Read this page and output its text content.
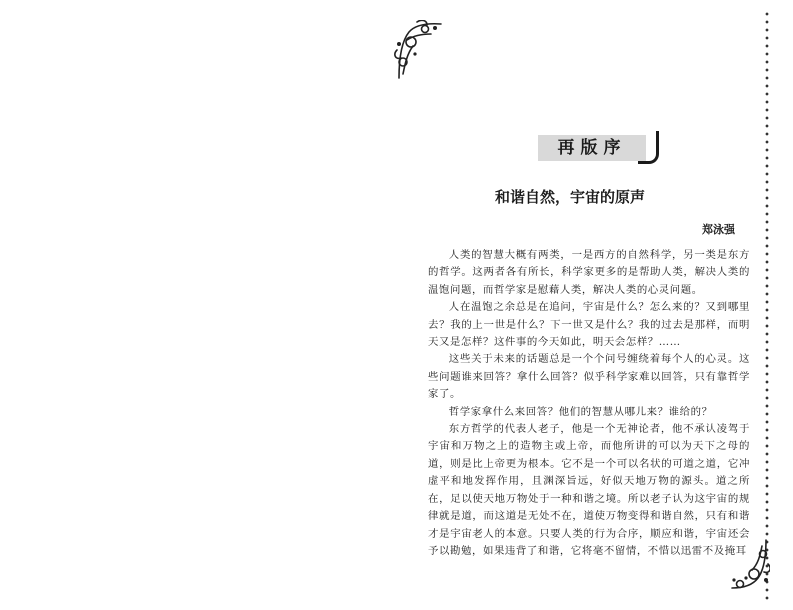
再版序
和谐自然，宇宙的原声
郑泳强

人类的智慧大概有两类，一是西方的自然科学，另一类是东方的哲学。这两者各有所长，科学家更多的是帮助人类，解决人类的温饱问题，而哲学家是慰藉人类，解决人类的心灵问题。

人在温饱之余总是在追问，宇宙是什么？怎么来的？又到哪里去？我的上一世是什么？下一世又是什么？我的过去是那样，而明天又是怎样？这件事的今天如此，明天会怎样？……

这些关于未来的话题总是一个个问号缠绕着每个人的心灵。这些问题谁来回答？拿什么回答？似乎科学家难以回答，只有靠哲学家了。

哲学家拿什么来回答？他们的智慧从哪儿来？谁给的？

东方哲学的代表人老子，他是一个无神论者，他不承认凌驾于宇宙和万物之上的造物主或上帝，而他所讲的可以为天下之母的道，则是比上帝更为根本。它不是一个可以名状的可道之道，它冲虚平和地发挥作用，且渊深旨远，好似天地万物的源头。道之所在，足以使天地万物处于一种和谐之境。所以老子认为这宇宙的规律就是道，而这道是无处不在，道使万物变得和谐自然，只有和谐才是宇宙老人的本意。只要人类的行为合序，顺应和谐，宇宙还会予以勘勉，如果违背了和谐，它将毫不留情，不惜以迅雷不及掩耳
